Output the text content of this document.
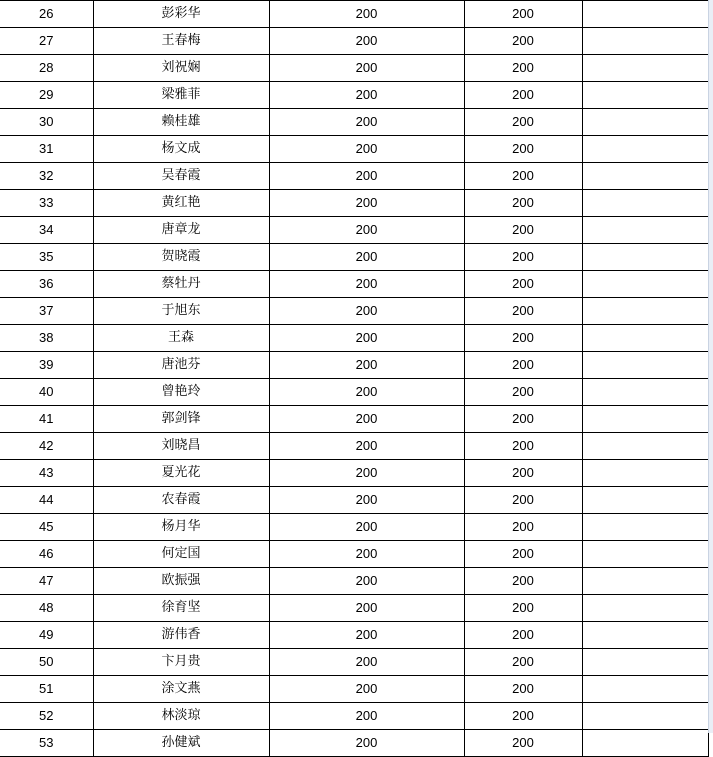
26	彭彩华	200	200	
27	王春梅	200	200	
28	刘祝娴	200	200	
29	梁雅菲	200	200	
30	赖桂雄	200	200	
31	杨文成	200	200	
32	吴春霞	200	200	
33	黄红艳	200	200	
34	唐章龙	200	200	
35	贺晓霞	200	200	
36	蔡牡丹	200	200	
37	于旭东	200	200	
38	王森	200	200	
39	唐池芬	200	200	
40	曾艳玲	200	200	
41	郭剑锋	200	200	
42	刘晓昌	200	200	
43	夏光花	200	200	
44	农春霞	200	200	
45	杨月华	200	200	
46	何定国	200	200	
47	欧振强	200	200	
48	徐育坚	200	200	
49	游伟香	200	200	
50	卞月贵	200	200	
51	涂文燕	200	200	
52	林淡琼	200	200	
53	孙健斌	200	200	
